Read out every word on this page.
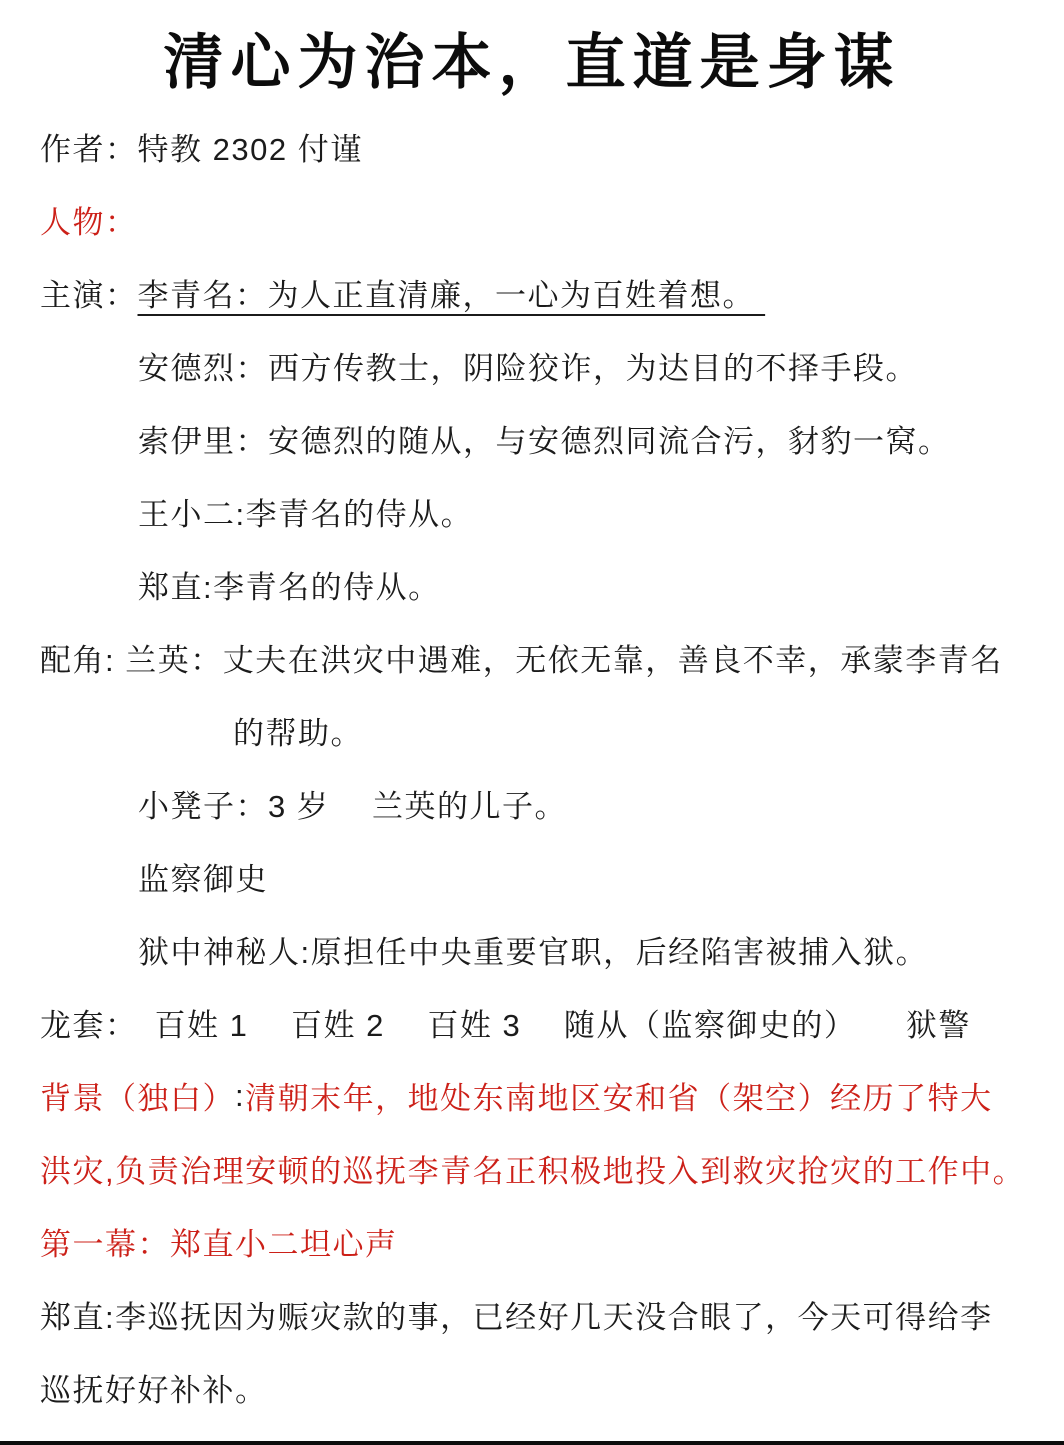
清心为治本，直道是身谋
作者：特教 2302 付谨
人物：
主演： 李青名：为人正直清廉，一心为百姓着想。
安德烈：西方传教士，阴险狡诈，为达目的不择手段。
索伊里：安德烈的随从，与安德烈同流合污，豺豹一窝。
王小二:李青名的侍从。
郑直:李青名的侍从。
配角: 兰英：丈夫在洪灾中遇难，无依无靠，善良不幸，承蒙李青名
的帮助。
小凳子：3 岁　 兰英的儿子。
监察御史
狱中神秘人:原担任中央重要官职，后经陷害被捕入狱。
龙套：　百姓 1　 百姓 2　 百姓 3　 随从（监察御史的）　　狱警
背景（独白） : 清朝末年，地处东南地区安和省（架空）经历了特大
洪灾,负责治理安顿的巡抚李青名正积极地投入到救灾抢灾的工作中。
第一幕：郑直小二坦心声
郑直:李巡抚因为赈灾款的事，已经好几天没合眼了，今天可得给李
巡抚好好补补。
